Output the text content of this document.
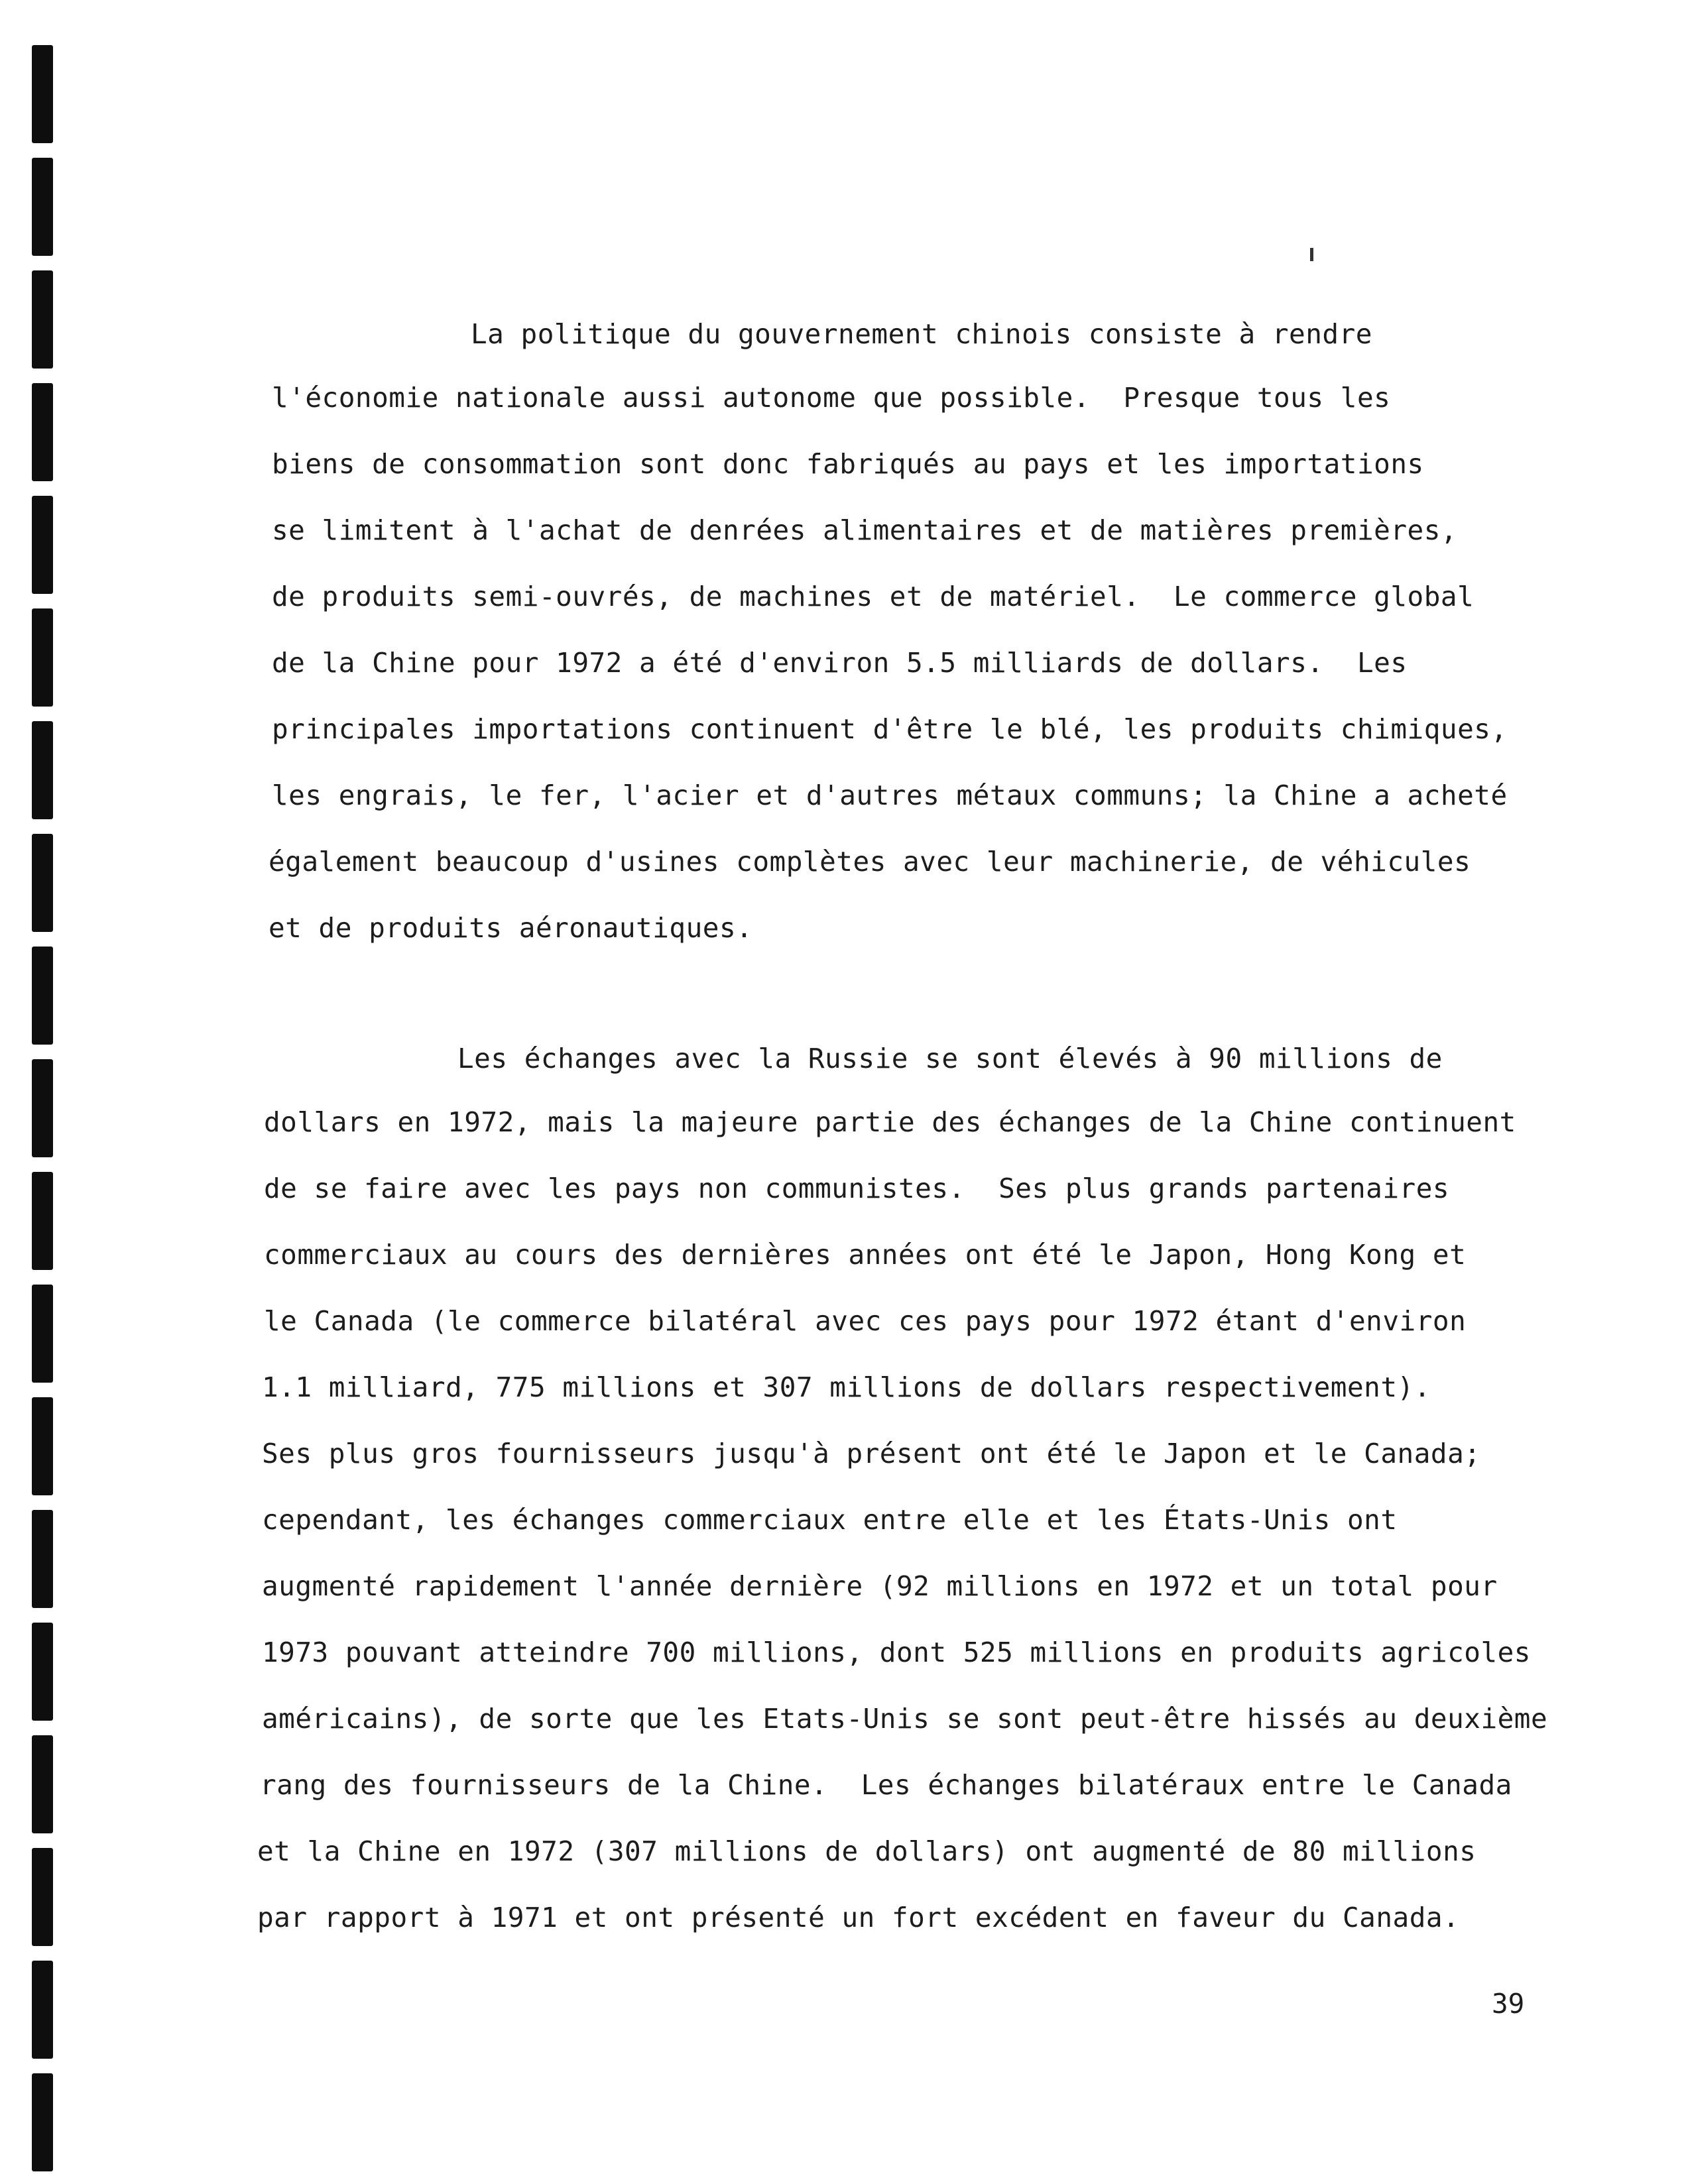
La politique du gouvernement chinois consiste à rendre
l'économie nationale aussi autonome que possible.  Presque tous les
biens de consommation sont donc fabriqués au pays et les importations
se limitent à l'achat de denrées alimentaires et de matières premières,
de produits semi-ouvrés, de machines et de matériel.  Le commerce global
de la Chine pour 1972 a été d'environ 5.5 milliards de dollars.  Les
principales importations continuent d'être le blé, les produits chimiques,
les engrais, le fer, l'acier et d'autres métaux communs; la Chine a acheté
également beaucoup d'usines complètes avec leur machinerie, de véhicules
et de produits aéronautiques.
Les échanges avec la Russie se sont élevés à 90 millions de
dollars en 1972, mais la majeure partie des échanges de la Chine continuent
de se faire avec les pays non communistes.  Ses plus grands partenaires
commerciaux au cours des dernières années ont été le Japon, Hong Kong et
le Canada (le commerce bilatéral avec ces pays pour 1972 étant d'environ
1.1 milliard, 775 millions et 307 millions de dollars respectivement).
Ses plus gros fournisseurs jusqu'à présent ont été le Japon et le Canada;
cependant, les échanges commerciaux entre elle et les États-Unis ont
augmenté rapidement l'année dernière (92 millions en 1972 et un total pour
1973 pouvant atteindre 700 millions, dont 525 millions en produits agricoles
américains), de sorte que les Etats-Unis se sont peut-être hissés au deuxième
rang des fournisseurs de la Chine.  Les échanges bilatéraux entre le Canada
et la Chine en 1972 (307 millions de dollars) ont augmenté de 80 millions
par rapport à 1971 et ont présenté un fort excédent en faveur du Canada.
39
